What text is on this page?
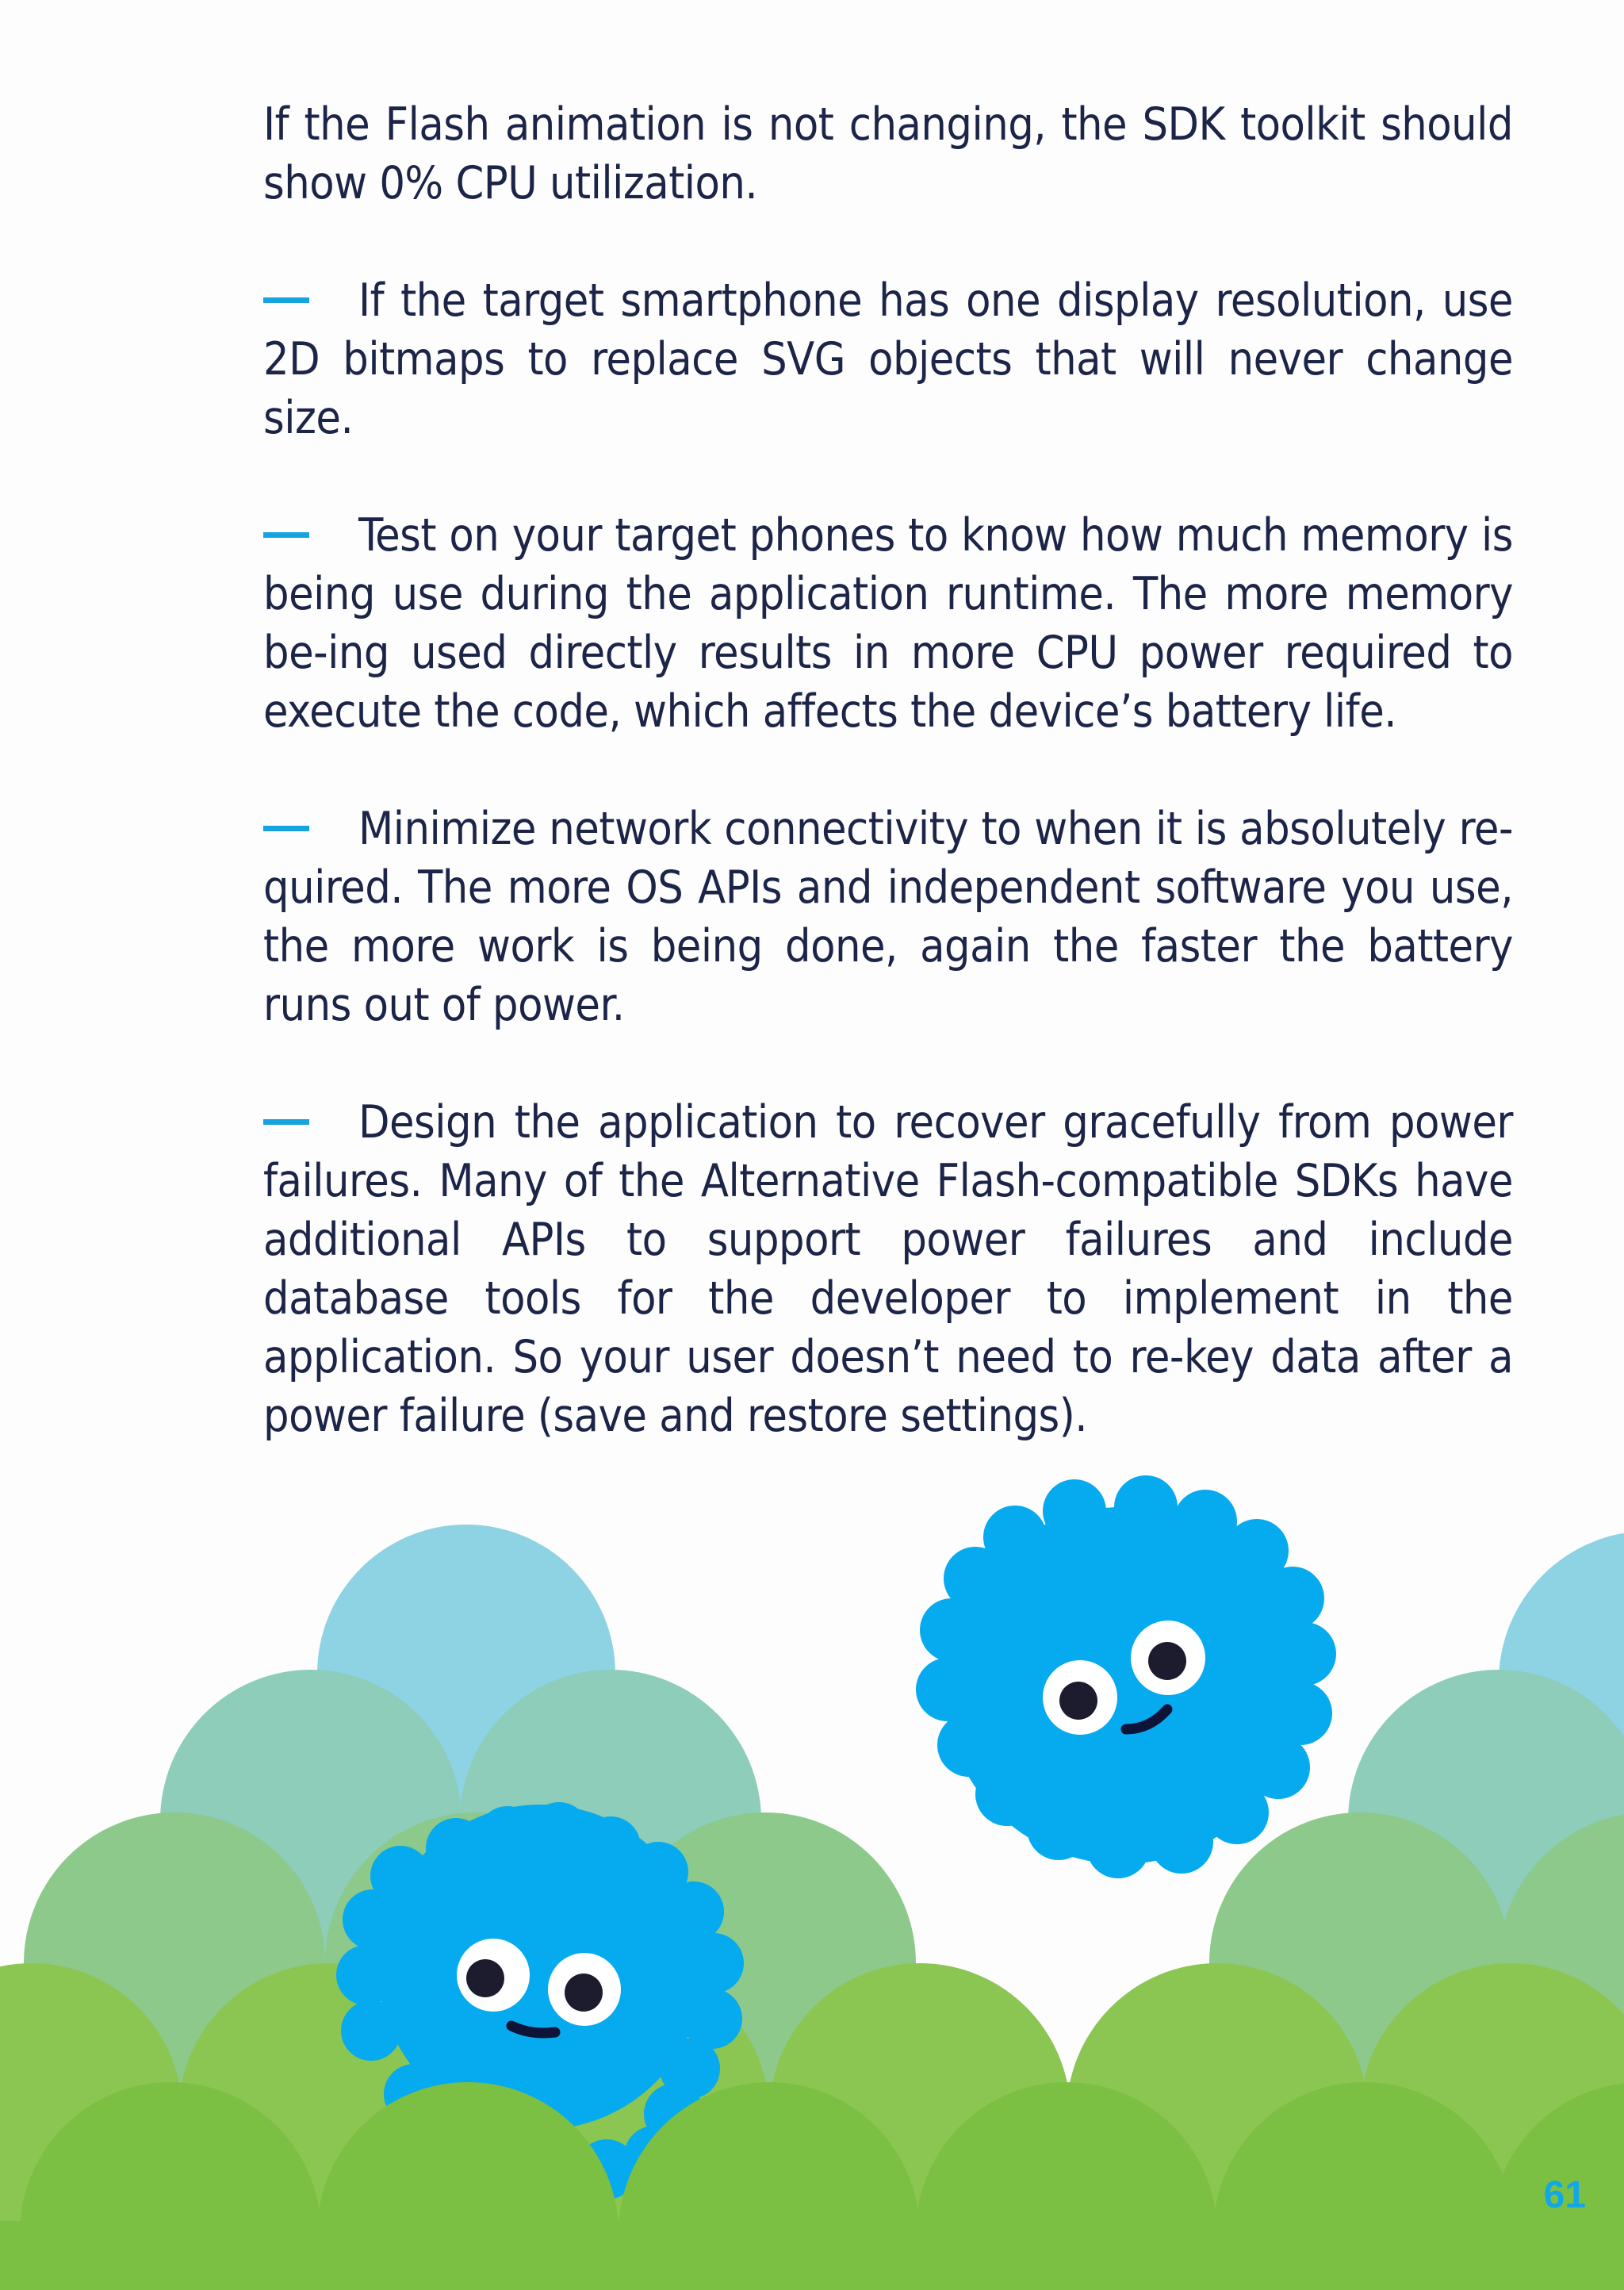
If the Flash animation is not changing, the SDK toolkit should show 0% CPU utilization.

If the target smartphone has one display resolution, use 2D bitmaps to replace SVG objects that will never change size.

Test on your target phones to know how much memory is being use during the application runtime. The more memory be-ing used directly results in more CPU power required to execute the code, which affects the device’s battery life.

Minimize network connectivity to when it is absolutely re-quired. The more OS APIs and independent software you use, the more work is being done, again the faster the battery runs out of power.

Design the application to recover gracefully from power failures. Many of the Alternative Flash-compatible SDKs have additional APIs to support power failures and include database tools for the developer to implement in the application. So your user doesn’t need to re-key data after a power failure (save and restore settings).

61
